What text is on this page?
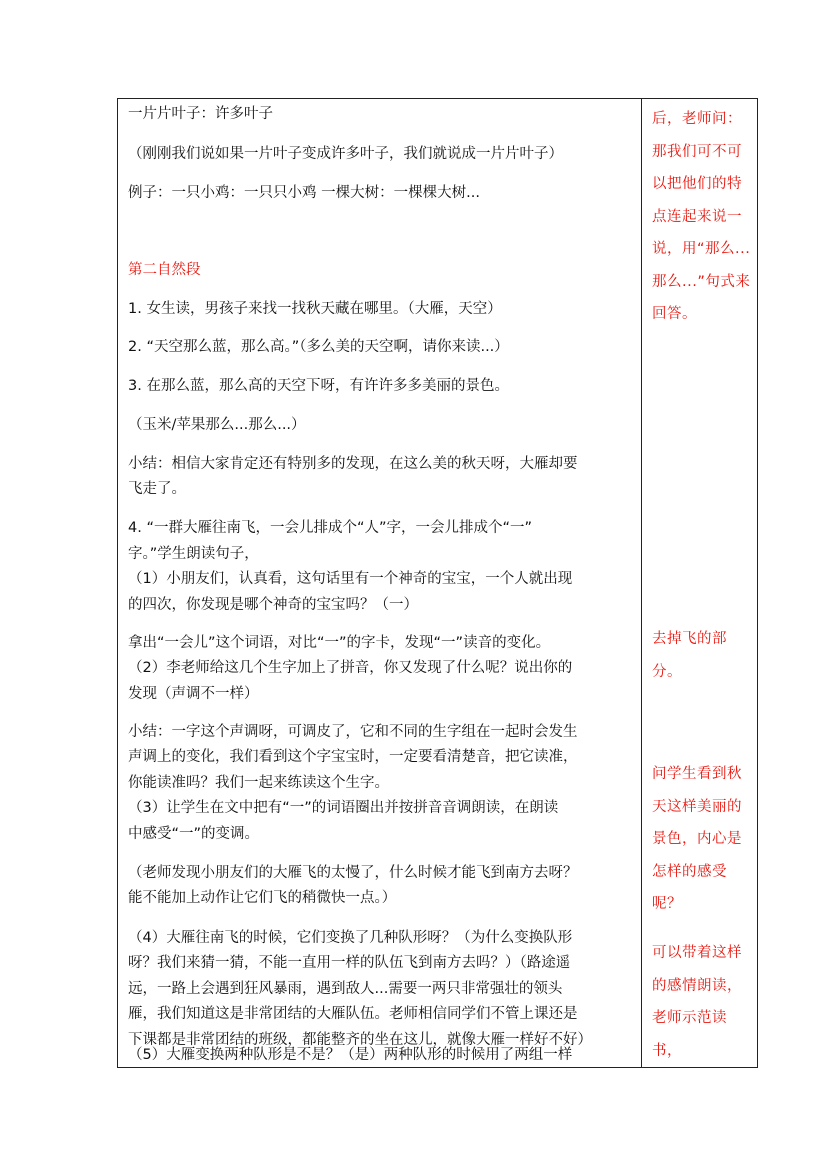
一片片叶子：许多叶子
（刚刚我们说如果一片叶子变成许多叶子，我们就说成一片片叶子）
例子：一只小鸡：一只只小鸡 一棵大树：一棵棵大树...
第二自然段
1. 女生读，男孩子来找一找秋天藏在哪里。（大雁，天空）
2. “天空那么蓝，那么高。”（多么美的天空啊，请你来读...）
3. 在那么蓝，那么高的天空下呀，有许许多多美丽的景色。
（玉米/苹果那么...那么...）
小结：相信大家肯定还有特别多的发现，在这么美的秋天呀，大雁却要
飞走了。
4. “一群大雁往南飞，一会儿排成个“人”字，一会儿排成个“一”
字。”学生朗读句子，
（1）小朋友们，认真看，这句话里有一个神奇的宝宝，一个人就出现
的四次，你发现是哪个神奇的宝宝吗？（一）
拿出“一会儿”这个词语，对比“一”的字卡，发现“一”读音的变化。
（2）李老师给这几个生字加上了拼音，你又发现了什么呢？说出你的
发现（声调不一样）
小结：一字这个声调呀，可调皮了，它和不同的生字组在一起时会发生
声调上的变化，我们看到这个字宝宝时，一定要看清楚音，把它读准，
你能读准吗？我们一起来练读这个生字。
（3）让学生在文中把有“一”的词语圈出并按拼音音调朗读，在朗读
中感受“一”的变调。
（老师发现小朋友们的大雁飞的太慢了，什么时候才能飞到南方去呀？
能不能加上动作让它们飞的稍微快一点。）
（4）大雁往南飞的时候，它们变换了几种队形呀？（为什么变换队形
呀？我们来猜一猜，不能一直用一样的队伍飞到南方去吗？）（路途遥
远，一路上会遇到狂风暴雨，遇到敌人...需要一两只非常强壮的领头
雁，我们知道这是非常团结的大雁队伍。老师相信同学们不管上课还是
下课都是非常团结的班级，都能整齐的坐在这儿，就像大雁一样好不好）
（5）大雁变换两种队形是不是？（是）两种队形的时候用了两组一样
后，老师问：那我们可不可以把他们的特点连起来说一说，用“那么...那么...”句式来回答。
去掉飞的部分。
问学生看到秋天这样美丽的景色，内心是怎样的感受呢？
可以带着这样的感情朗读，老师示范读书，
